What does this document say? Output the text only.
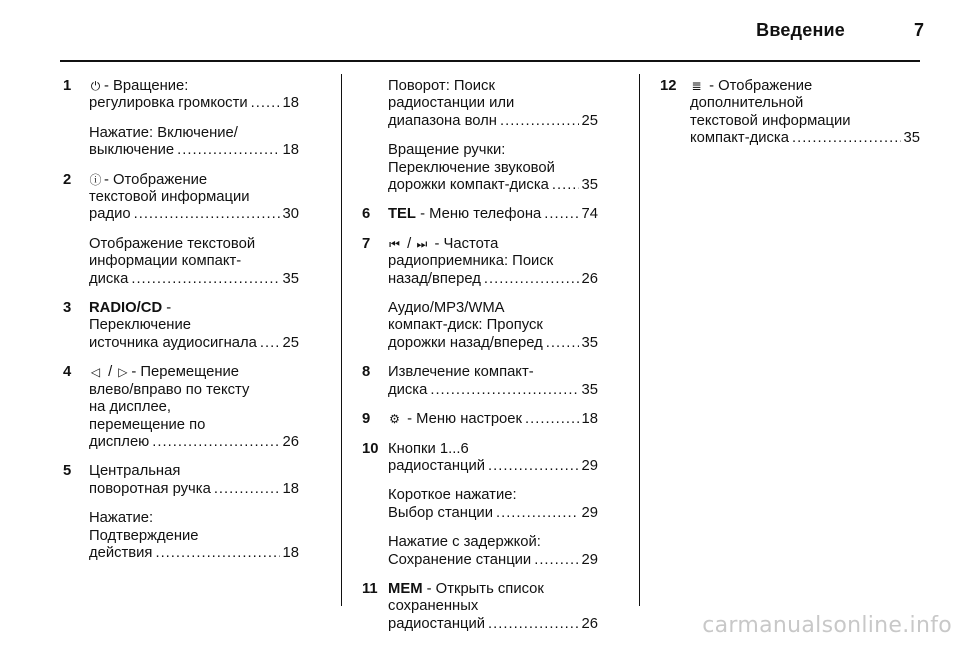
Введение	7
1 ⏻ - Вращение:
регулировка громкости ..... 18
Нажатие: Включение/
выключение .....	18
2 ⓘ - Отображение
текстовой информации
радио .....	30
Отображение текстовой
информации компакт-
диска .....	35
3 RADIO/CD -
Переключение
источника аудиосигнала ..... 25
4 ◁ / ▷ - Перемещение
влево/вправо по тексту
на дисплее,
перемещение по
дисплею .....	26
5 Центральная
поворотная ручка .....	18
Нажатие:
Подтверждение
действия .....	18
Поворот: Поиск
радиостанции или
диапазона волн .....	25
Вращение ручки:
Переключение звуковой
дорожки компакт-диска ..... 35
6 TEL - Меню телефона .....	74
7 ⏮ / ⏭ - Частота
радиоприемника: Поиск
назад/вперед .....	26
Аудио/MP3/WMA
компакт-диск: Пропуск
дорожки назад/вперед .....	35
8 Извлечение компакт-
диска .....	35
9 ⚙ - Меню настроек .....	18
10 Кнопки 1...6
радиостанций .....	29
Короткое нажатие:
Выбор станции .....	29
Нажатие с задержкой:
Сохранение станции .....	29
11 MEM - Открыть список
сохраненных
радиостанций .....	26
12 ≣ - Отображение
дополнительной
текстовой информации
компакт-диска .....	35
carmanualsonline.info
